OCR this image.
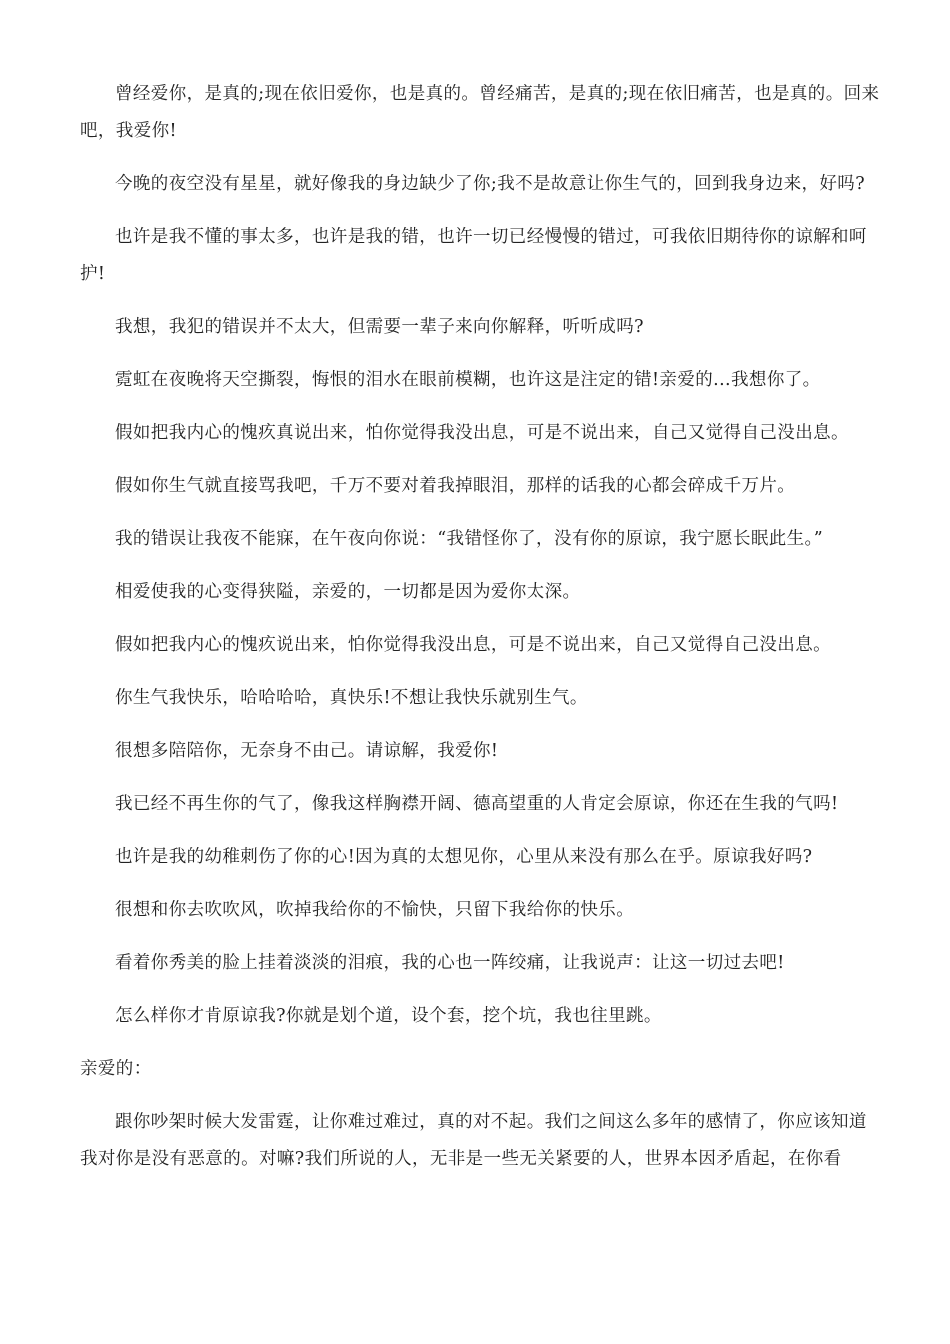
曾经爱你，是真的;现在依旧爱你，也是真的。曾经痛苦，是真的;现在依旧痛苦，也是真的。回来吧，我爱你!

今晚的夜空没有星星，就好像我的身边缺少了你;我不是故意让你生气的，回到我身边来，好吗?

也许是我不懂的事太多，也许是我的错，也许一切已经慢慢的错过，可我依旧期待你的谅解和呵护!

我想，我犯的错误并不太大，但需要一辈子来向你解释，听听成吗?

霓虹在夜晚将天空撕裂，悔恨的泪水在眼前模糊，也许这是注定的错!亲爱的...我想你了。

假如把我内心的愧疚真说出来，怕你觉得我没出息，可是不说出来，自己又觉得自己没出息。

假如你生气就直接骂我吧，千万不要对着我掉眼泪，那样的话我的心都会碎成千万片。

我的错误让我夜不能寐，在午夜向你说：“我错怪你了，没有你的原谅，我宁愿长眠此生。”

相爱使我的心变得狭隘，亲爱的，一切都是因为爱你太深。

假如把我内心的愧疚说出来，怕你觉得我没出息，可是不说出来，自己又觉得自己没出息。

你生气我快乐，哈哈哈哈，真快乐!不想让我快乐就别生气。

很想多陪陪你，无奈身不由己。请谅解，我爱你!

我已经不再生你的气了，像我这样胸襟开阔、德高望重的人肯定会原谅，你还在生我的气吗!

也许是我的幼稚刺伤了你的心!因为真的太想见你，心里从来没有那么在乎。原谅我好吗?

很想和你去吹吹风，吹掉我给你的不愉快，只留下我给你的快乐。

看着你秀美的脸上挂着淡淡的泪痕，我的心也一阵绞痛，让我说声：让这一切过去吧!

怎么样你才肯原谅我?你就是划个道，设个套，挖个坑，我也往里跳。

亲爱的：

跟你吵架时候大发雷霆，让你难过难过，真的对不起。我们之间这么多年的感情了，你应该知道我对你是没有恶意的。对嘛?我们所说的人，无非是一些无关紧要的人，世界本因矛盾起，在你看
